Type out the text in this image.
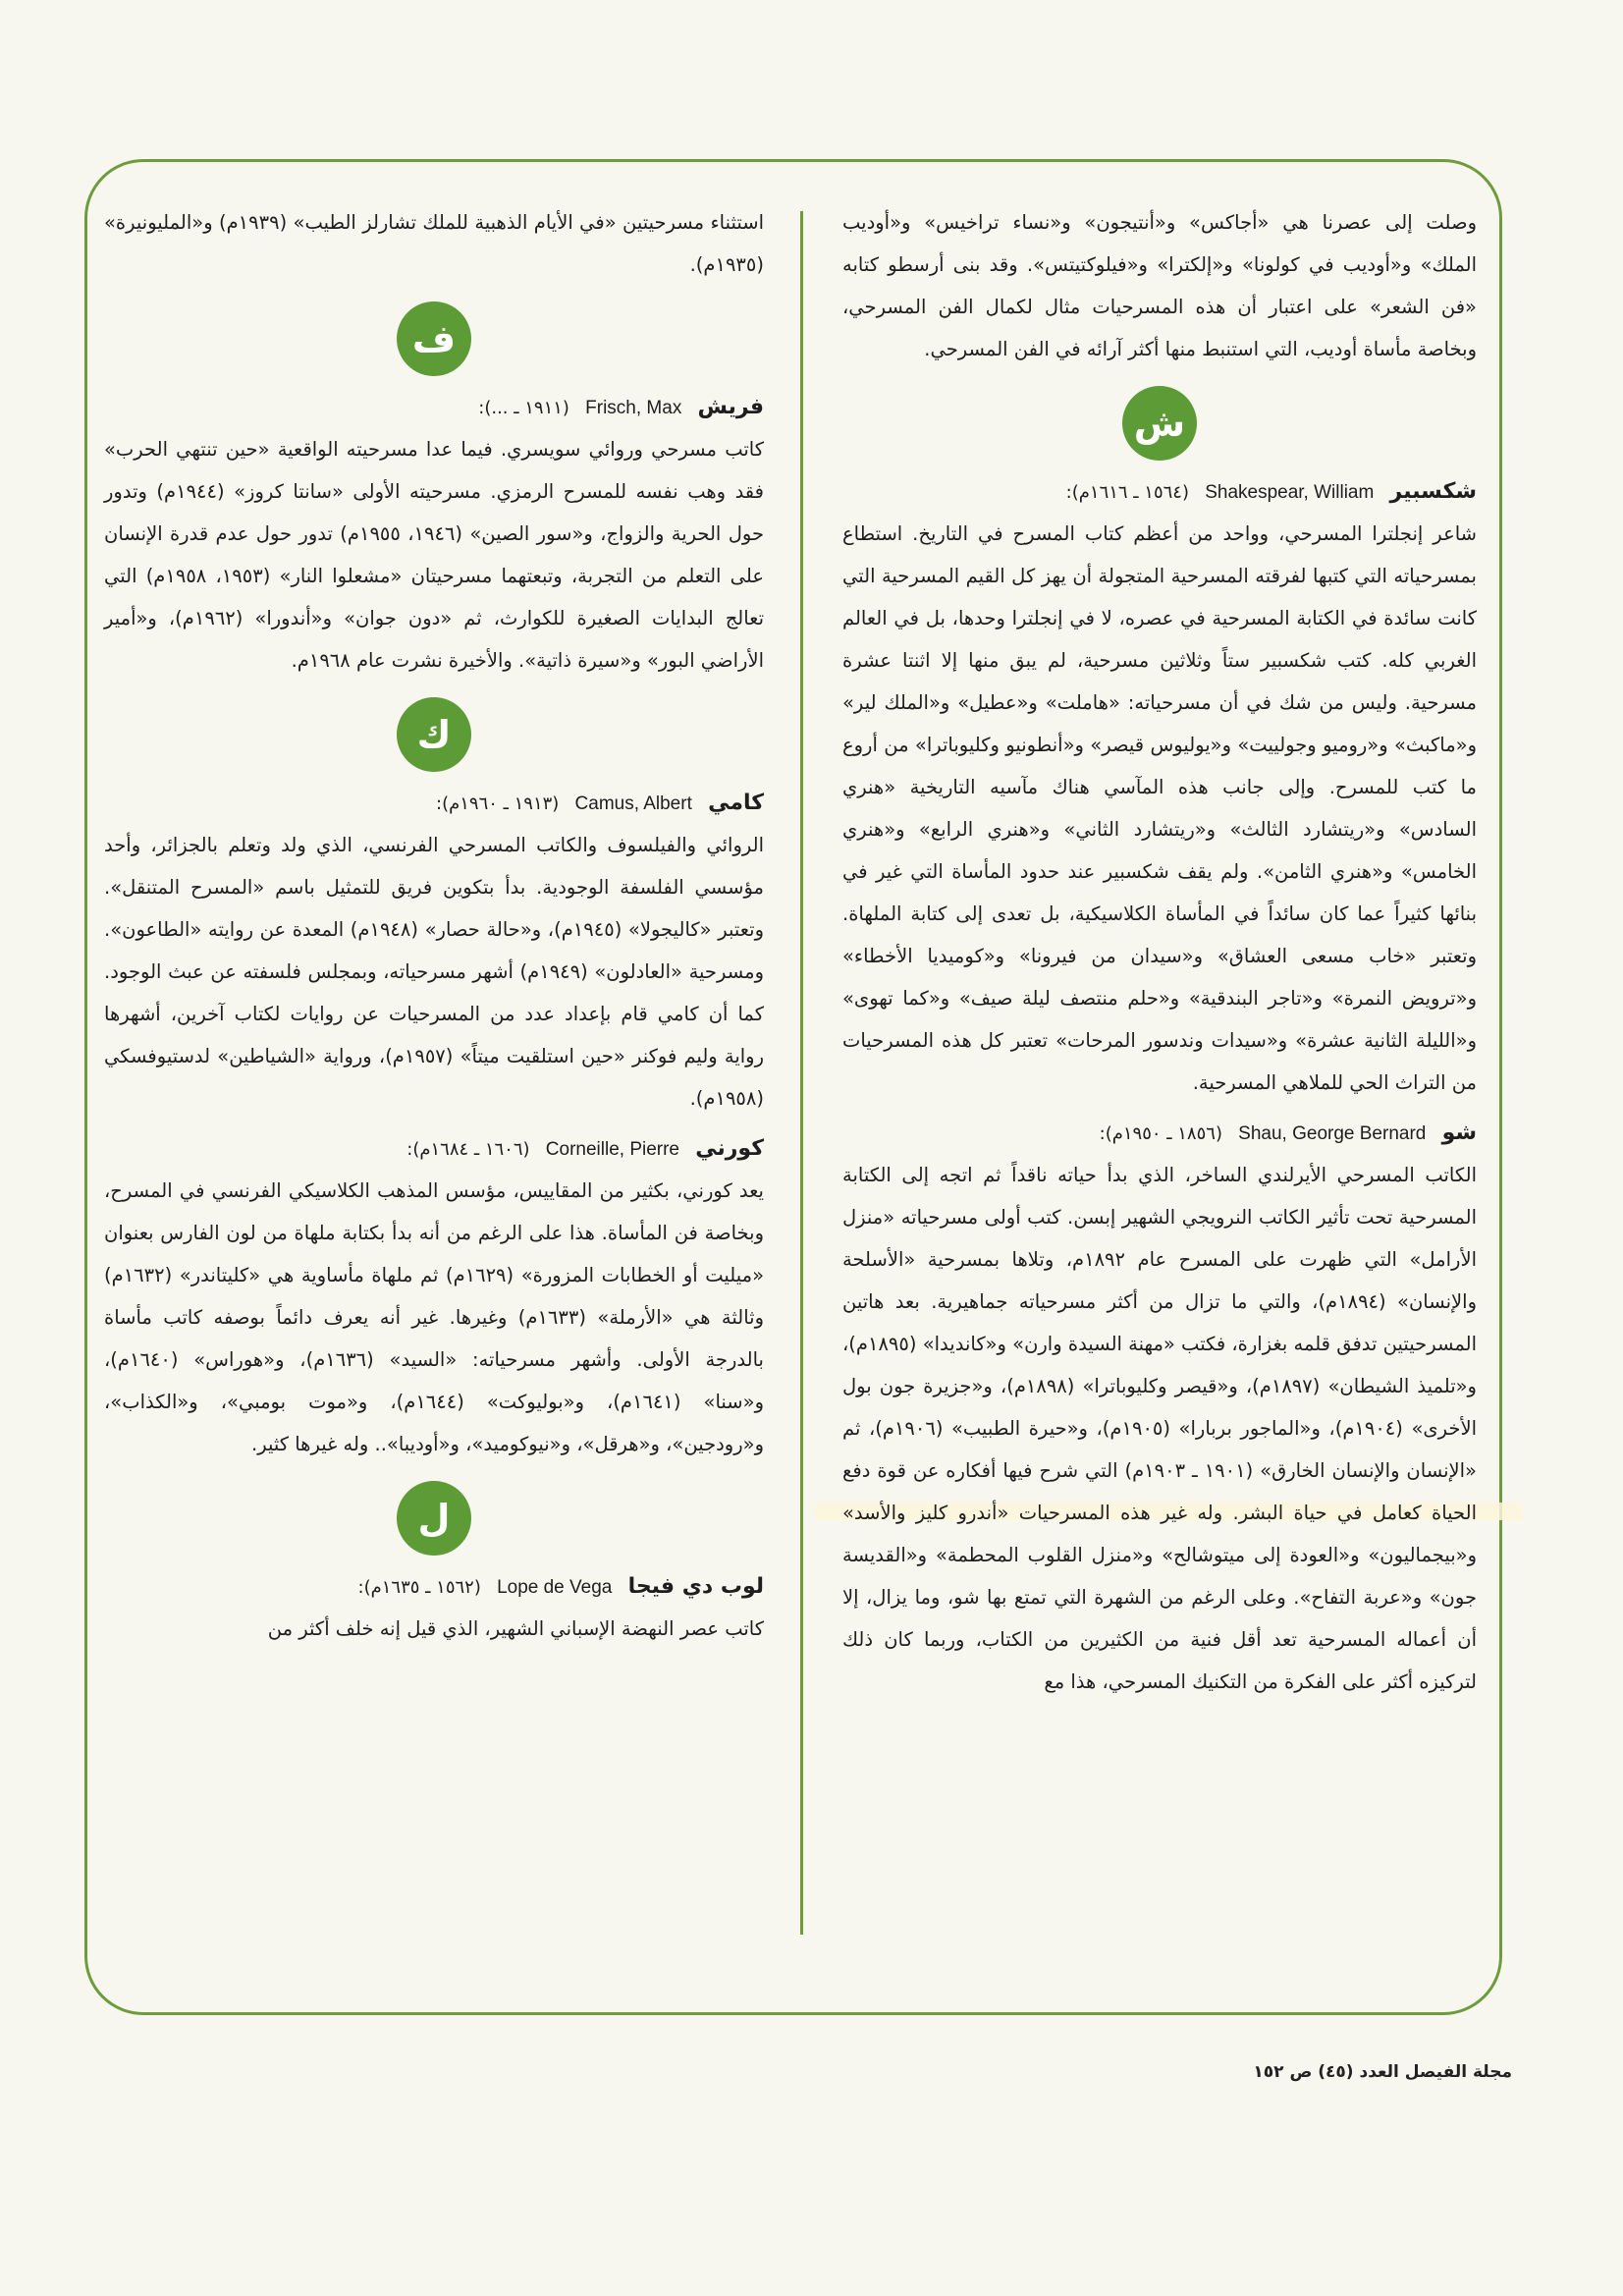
وصلت إلى عصرنا هي «أجاكس» و«أنتيجون» و«نساء تراخيس» و«أوديب الملك» و«أوديب في كولونا» و«إلكترا» و«فيلوكتيتس». وقد بنى أرسطو كتابه «فن الشعر» على اعتبار أن هذه المسرحيات مثال لكمال الفن المسرحي، وبخاصة مأساة أوديب، التي استنبط منها أكثر آرائه في الفن المسرحي.

ش
شكسبير Shakespear, William (١٥٦٤ ـ ١٦١٦م):

شاعر إنجلترا المسرحي، وواحد من أعظم كتاب المسرح في التاريخ. استطاع بمسرحياته التي كتبها لفرقته المسرحية المتجولة أن يهز كل القيم المسرحية التي كانت سائدة في الكتابة المسرحية في عصره، لا في إنجلترا وحدها، بل في العالم الغربي كله. كتب شكسبير ستاً وثلاثين مسرحية، لم يبق منها إلا اثنتا عشرة مسرحية. وليس من شك في أن مسرحياته: «هاملت» و«عطيل» و«الملك لير» و«ماكبث» و«روميو وجولييت» و«يوليوس قيصر» و«أنطونيو وكليوباترا» من أروع ما كتب للمسرح. وإلى جانب هذه المآسي هناك مآسيه التاريخية «هنري السادس» و«ريتشارد الثالث» و«ريتشارد الثاني» و«هنري الرابع» و«هنري الخامس» و«هنري الثامن». ولم يقف شكسبير عند حدود المأساة التي غير في بنائها كثيراً عما كان سائداً في المأساة الكلاسيكية، بل تعدى إلى كتابة الملهاة. وتعتبر «خاب مسعى العشاق» و«سيدان من فيرونا» و«كوميديا الأخطاء» و«ترويض النمرة» و«تاجر البندقية» و«حلم منتصف ليلة صيف» و«كما تهوى» و«الليلة الثانية عشرة» و«سيدات وندسور المرحات» تعتبر كل هذه المسرحيات من التراث الحي للملاهي المسرحية.

شو Shau, George Bernard (١٨٥٦ ـ ١٩٥٠م):

الكاتب المسرحي الأيرلندي الساخر، الذي بدأ حياته ناقداً ثم اتجه إلى الكتابة المسرحية تحت تأثير الكاتب النرويجي الشهير إبسن. كتب أولى مسرحياته «منزل الأرامل» التي ظهرت على المسرح عام ١٨٩٢م، وتلاها بمسرحية «الأسلحة والإنسان» (١٨٩٤م)، والتي ما تزال من أكثر مسرحياته جماهيرية. بعد هاتين المسرحيتين تدفق قلمه بغزارة، فكتب «مهنة السيدة وارن» و«كانديدا» (١٨٩٥م)، و«تلميذ الشيطان» (١٨٩٧م)، و«قيصر وكليوباترا» (١٨٩٨م)، و«جزيرة جون بول الأخرى» (١٩٠٤م)، و«الماجور بربارا» (١٩٠٥م)، و«حيرة الطبيب» (١٩٠٦م)، ثم «الإنسان والإنسان الخارق» (١٩٠١ ـ ١٩٠٣م) التي شرح فيها أفكاره عن قوة دفع الحياة كعامل في حياة البشر. وله غير هذه المسرحيات «أندرو كليز والأسد» و«بيجماليون» و«العودة إلى ميتوشالح» و«منزل القلوب المحطمة» و«القديسة جون» و«عربة التفاح». وعلى الرغم من الشهرة التي تمتع بها شو، وما يزال، إلا أن أعماله المسرحية تعد أقل فنية من الكثيرين من الكتاب، وربما كان ذلك لتركيزه أكثر على الفكرة من التكنيك المسرحي، هذا مع

استثناء مسرحيتين «في الأيام الذهبية للملك تشارلز الطيب» (١٩٣٩م) و«المليونيرة» (١٩٣٥م).

ف
فريش Frisch, Max (١٩١١ ـ ...):

كاتب مسرحي وروائي سويسري. فيما عدا مسرحيته الواقعية «حين تنتهي الحرب» فقد وهب نفسه للمسرح الرمزي. مسرحيته الأولى «سانتا كروز» (١٩٤٤م) وتدور حول الحرية والزواج، و«سور الصين» (١٩٤٦، ١٩٥٥م) تدور حول عدم قدرة الإنسان على التعلم من التجربة، وتبعتهما مسرحيتان «مشعلوا النار» (١٩٥٣، ١٩٥٨م) التي تعالج البدايات الصغيرة للكوارث، ثم «دون جوان» و«أندورا» (١٩٦٢م)، و«أمير الأراضي البور» و«سيرة ذاتية». والأخيرة نشرت عام ١٩٦٨م.

ك
كامي Camus, Albert (١٩١٣ ـ ١٩٦٠م):

الروائي والفيلسوف والكاتب المسرحي الفرنسي، الذي ولد وتعلم بالجزائر، وأحد مؤسسي الفلسفة الوجودية. بدأ بتكوين فريق للتمثيل باسم «المسرح المتنقل». وتعتبر «كاليجولا» (١٩٤٥م)، و«حالة حصار» (١٩٤٨م) المعدة عن روايته «الطاعون». ومسرحية «العادلون» (١٩٤٩م) أشهر مسرحياته، وبمجلس فلسفته عن عبث الوجود. كما أن كامي قام بإعداد عدد من المسرحيات عن روايات لكتاب آخرين، أشهرها رواية وليم فوكنر «حين استلقيت ميتاً» (١٩٥٧م)، ورواية «الشياطين» لدستيوفسكي (١٩٥٨م).

كورني Corneille, Pierre (١٦٠٦ ـ ١٦٨٤م):

يعد كورني، بكثير من المقاييس، مؤسس المذهب الكلاسيكي الفرنسي في المسرح، وبخاصة فن المأساة. هذا على الرغم من أنه بدأ بكتابة ملهاة من لون الفارس بعنوان «ميليت أو الخطابات المزورة» (١٦٢٩م) ثم ملهاة مأساوية هي «كليتاندر» (١٦٣٢م) وثالثة هي «الأرملة» (١٦٣٣م) وغيرها. غير أنه يعرف دائماً بوصفه كاتب مأساة بالدرجة الأولى. وأشهر مسرحياته: «السيد» (١٦٣٦م)، و«هوراس» (١٦٤٠م)، و«سنا» (١٦٤١م)، و«بوليوكت» (١٦٤٤م)، و«موت بومبي»، و«الكذاب»، و«رودجين»، و«هرقل»، و«نيوكوميد»، و«أوديبا».. وله غيرها كثير.

ل
لوب دي فيجا Lope de Vega (١٥٦٢ ـ ١٦٣٥م):

كاتب عصر النهضة الإسباني الشهير، الذي قيل إنه خلف أكثر من

مجلة الفيصل العدد (٤٥) ص ١٥٢
